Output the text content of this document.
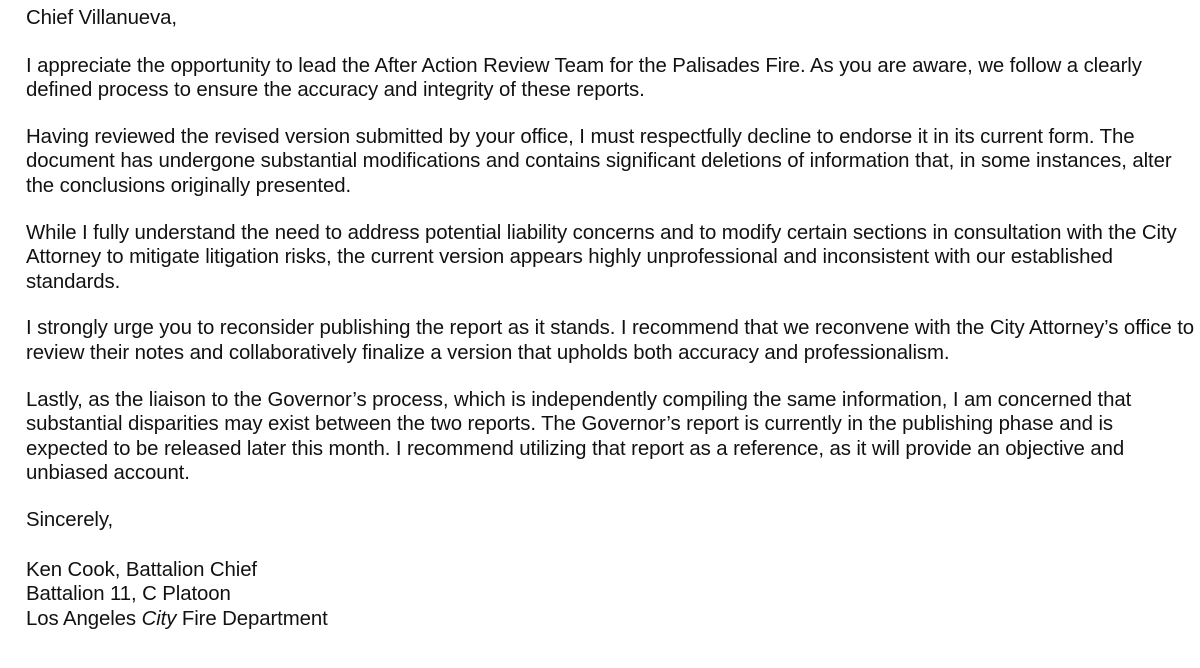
Chief Villanueva,

I appreciate the opportunity to lead the After Action Review Team for the Palisades Fire. As you are aware, we follow a clearly defined process to ensure the accuracy and integrity of these reports.

Having reviewed the revised version submitted by your office, I must respectfully decline to endorse it in its current form. The document has undergone substantial modifications and contains significant deletions of information that, in some instances, alter the conclusions originally presented.

While I fully understand the need to address potential liability concerns and to modify certain sections in consultation with the City Attorney to mitigate litigation risks, the current version appears highly unprofessional and inconsistent with our established standards.

I strongly urge you to reconsider publishing the report as it stands. I recommend that we reconvene with the City Attorney’s office to review their notes and collaboratively finalize a version that upholds both accuracy and professionalism.

Lastly, as the liaison to the Governor’s process, which is independently compiling the same information, I am concerned that substantial disparities may exist between the two reports. The Governor’s report is currently in the publishing phase and is expected to be released later this month. I recommend utilizing that report as a reference, as it will provide an objective and unbiased account.

Sincerely,

Ken Cook, Battalion Chief
Battalion 11, C Platoon
Los Angeles City Fire Department
